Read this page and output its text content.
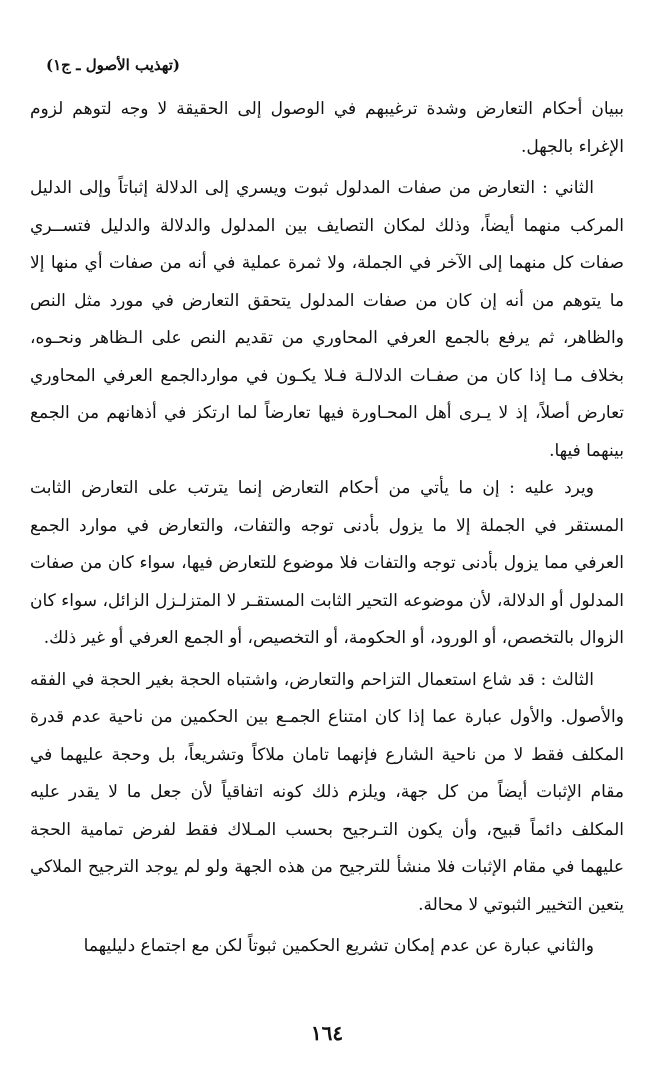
(تهذيب الأصول ـ ج١)

ببيان أحكام التعارض وشدة ترغيبهم في الوصول إلى الحقيقة لا وجه لتوهم لزوم الإغراء بالجهل.

الثاني : التعارض من صفات المدلول ثبوت ويسري إلى الدلالة إثباتاً وإلى الدليل المركب منهما أيضاً، وذلك لمكان التصايف بين المدلول والدلالة والدليل فتســري صفات كل منهما إلى الآخر في الجملة، ولا ثمرة عملية في أنه من صفات أي منها إلا ما يتوهم من أنه إن كان من صفات المدلول يتحقق التعارض في مورد مثل النص والظاهر، ثم يرفع بالجمع العرفي المحاوري من تقديم النص على الـظاهر ونحـوه، بخلاف مـا إذا كان من صفـات الدلالـة فـلا يكـون في مواردالجمع العرفي المحاوري تعارض أصلاً، إذ لا يـرى أهل المحـاورة فيها تعارضاً لما ارتكز في أذهانهم من الجمع بينهما فيها.

ويرد عليه : إن ما يأتي من أحكام التعارض إنما يترتب على التعارض الثابت المستقر في الجملة إلا ما يزول بأدنى توجه والتفات، والتعارض في موارد الجمع العرفي مما يزول بأدنى توجه والتفات فلا موضوع للتعارض فيها، سواء كان من صفات المدلول أو الدلالة، لأن موضوعه التحير الثابت المستقـر لا المتزلـزل الزائل، سواء كان الزوال بالتخصص، أو الورود، أو الحكومة، أو التخصيص، أو الجمع العرفي أو غير ذلك.

الثالث : قد شاع استعمال التزاحم والتعارض، واشتباه الحجة بغير الحجة في الفقه والأصول. والأول عبارة عما إذا كان امتناع الجمـع بين الحكمين من ناحية عدم قدرة المكلف فقط لا من ناحية الشارع فإنهما تامان ملاكاً وتشريعاً، بل وحجة عليهما في مقام الإثبات أيضاً من كل جهة، ويلزم ذلك كونه اتفاقياً لأن جعل ما لا يقدر عليه المكلف دائماً قبيح، وأن يكون التـرجيح بحسب المـلاك فقط لفرض تمامية الحجة عليهما في مقام الإثبات فلا منشأ للترجيح من هذه الجهة ولو لم يوجد الترجيح الملاكي يتعين التخيير الثبوتي لا محالة.

والثاني عبارة عن عدم إمكان تشريع الحكمين ثبوتاً لكن مع اجتماع دليليهما

١٦٤
